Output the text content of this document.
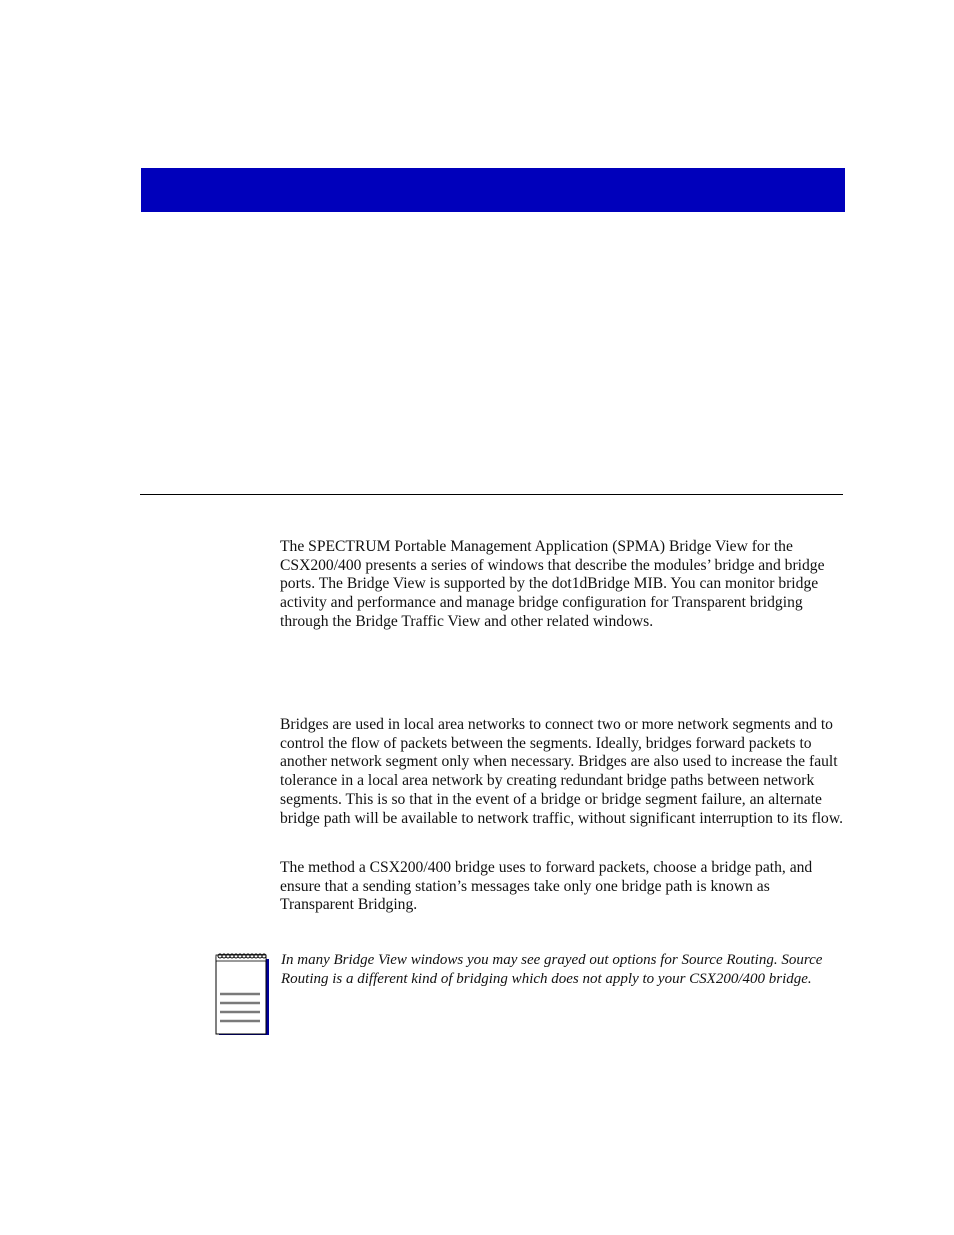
The SPECTRUM Portable Management Application (SPMA) Bridge View for the CSX200/400 presents a series of windows that describe the modules’ bridge and bridge ports. The Bridge View is supported by the dot1dBridge MIB. You can monitor bridge activity and performance and manage bridge configuration for Transparent bridging through the Bridge Traffic View and other related windows.

Bridges are used in local area networks to connect two or more network segments and to control the flow of packets between the segments. Ideally, bridges forward packets to another network segment only when necessary. Bridges are also used to increase the fault tolerance in a local area network by creating redundant bridge paths between network segments. This is so that in the event of a bridge or bridge segment failure, an alternate bridge path will be available to network traffic, without significant interruption to its flow.

The method a CSX200/400 bridge uses to forward packets, choose a bridge path, and ensure that a sending station’s messages take only one bridge path is known as Transparent Bridging.

In many Bridge View windows you may see grayed out options for Source Routing. Source Routing is a different kind of bridging which does not apply to your CSX200/400 bridge.
